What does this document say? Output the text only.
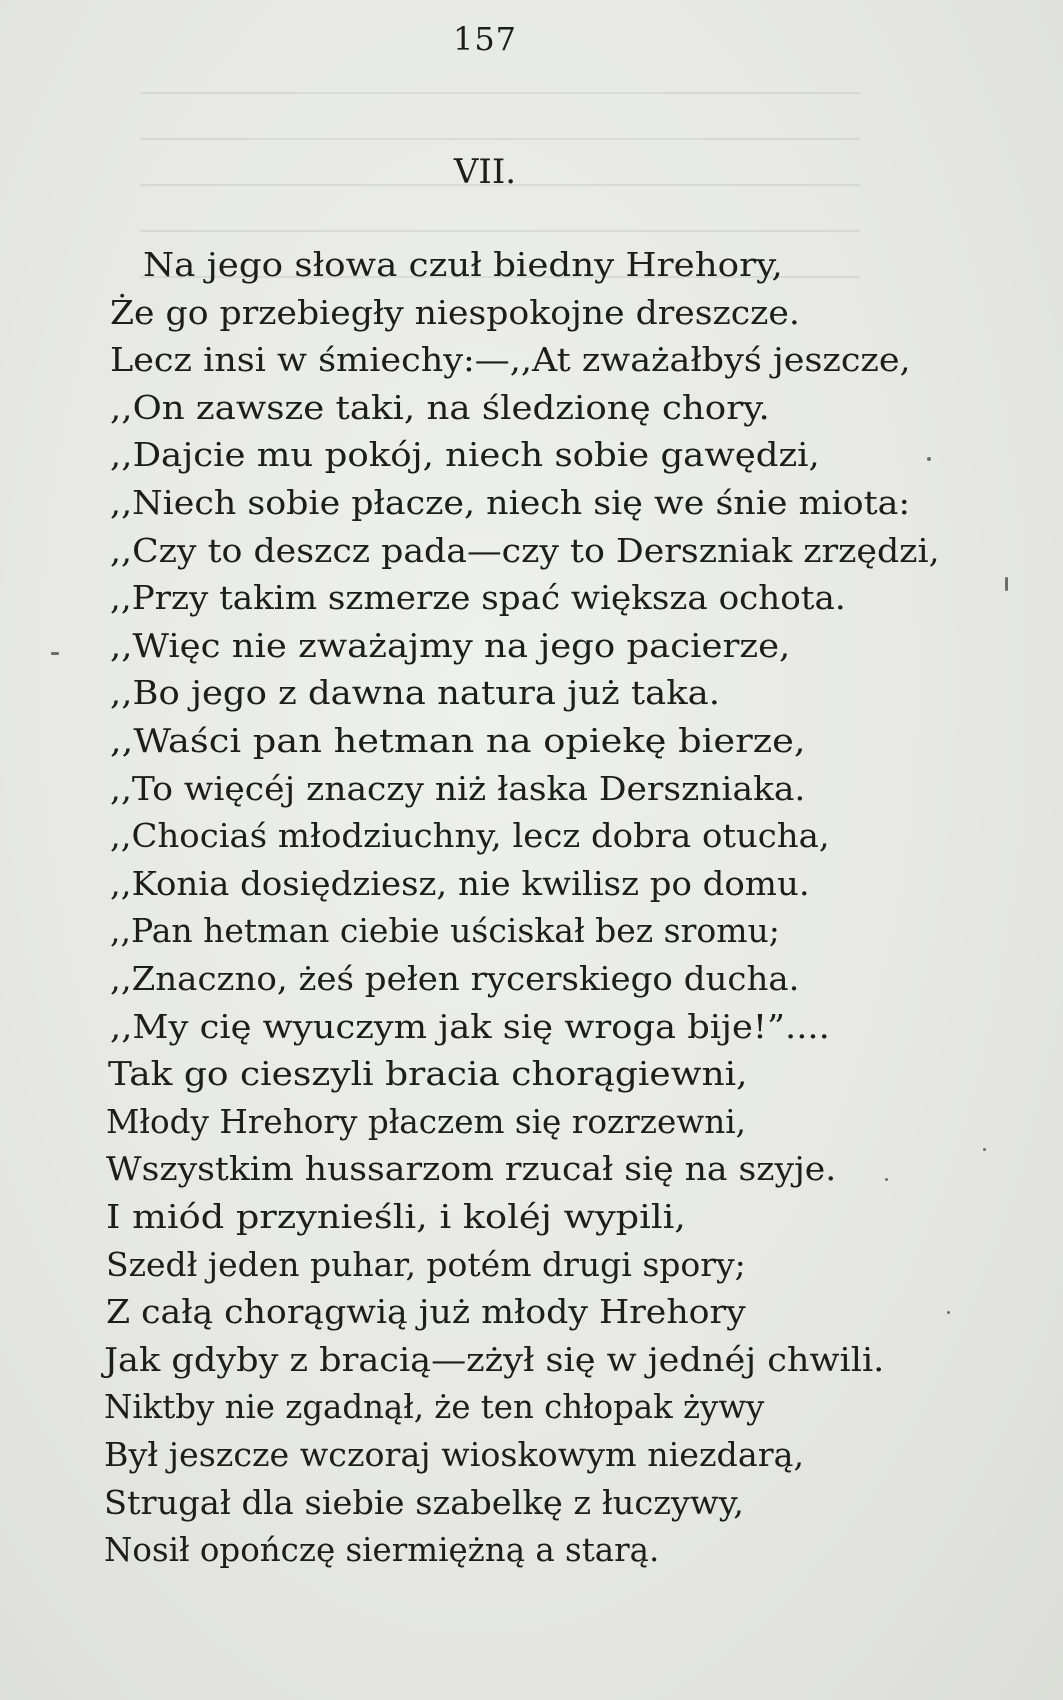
157
VII.
Na jego słowa czuł biedny Hrehory,
Że go przebiegły niespokojne dreszcze.
Lecz insi w śmiechy:—,,At zważałbyś jeszcze,
,,On zawsze taki, na śledzionę chory.
,,Dajcie mu pokój, niech sobie gawędzi,
,,Niech sobie płacze, niech się we śnie miota:
,,Czy to deszcz pada—czy to Derszniak zrzędzi,
,,Przy takim szmerze spać większa ochota.
,,Więc nie zważajmy na jego pacierze,
,,Bo jego z dawna natura już taka.
,,Waści pan hetman na opiekę bierze,
,,To więcéj znaczy niż łaska Derszniaka.
,,Chociaś młodziuchny, lecz dobra otucha,
,,Konia dosiędziesz, nie kwilisz po domu.
,,Pan hetman ciebie uściskał bez sromu;
,,Znaczno, żeś pełen rycerskiego ducha.
,,My cię wyuczym jak się wroga bije!”....
Tak go cieszyli bracia chorągiewni,
Młody Hrehory płaczem się rozrzewni,
Wszystkim hussarzom rzucał się na szyje.
I miód przynieśli, i koléj wypili,
Szedł jeden puhar, potém drugi spory;
Z całą chorągwią już młody Hrehory
Jak gdyby z bracią—zżył się w jednéj chwili.
Niktby nie zgadnął, że ten chłopak żywy
Był jeszcze wczoraj wioskowym niezdarą,
Strugał dla siebie szabelkę z łuczywy,
Nosił opończę siermiężną a starą.
